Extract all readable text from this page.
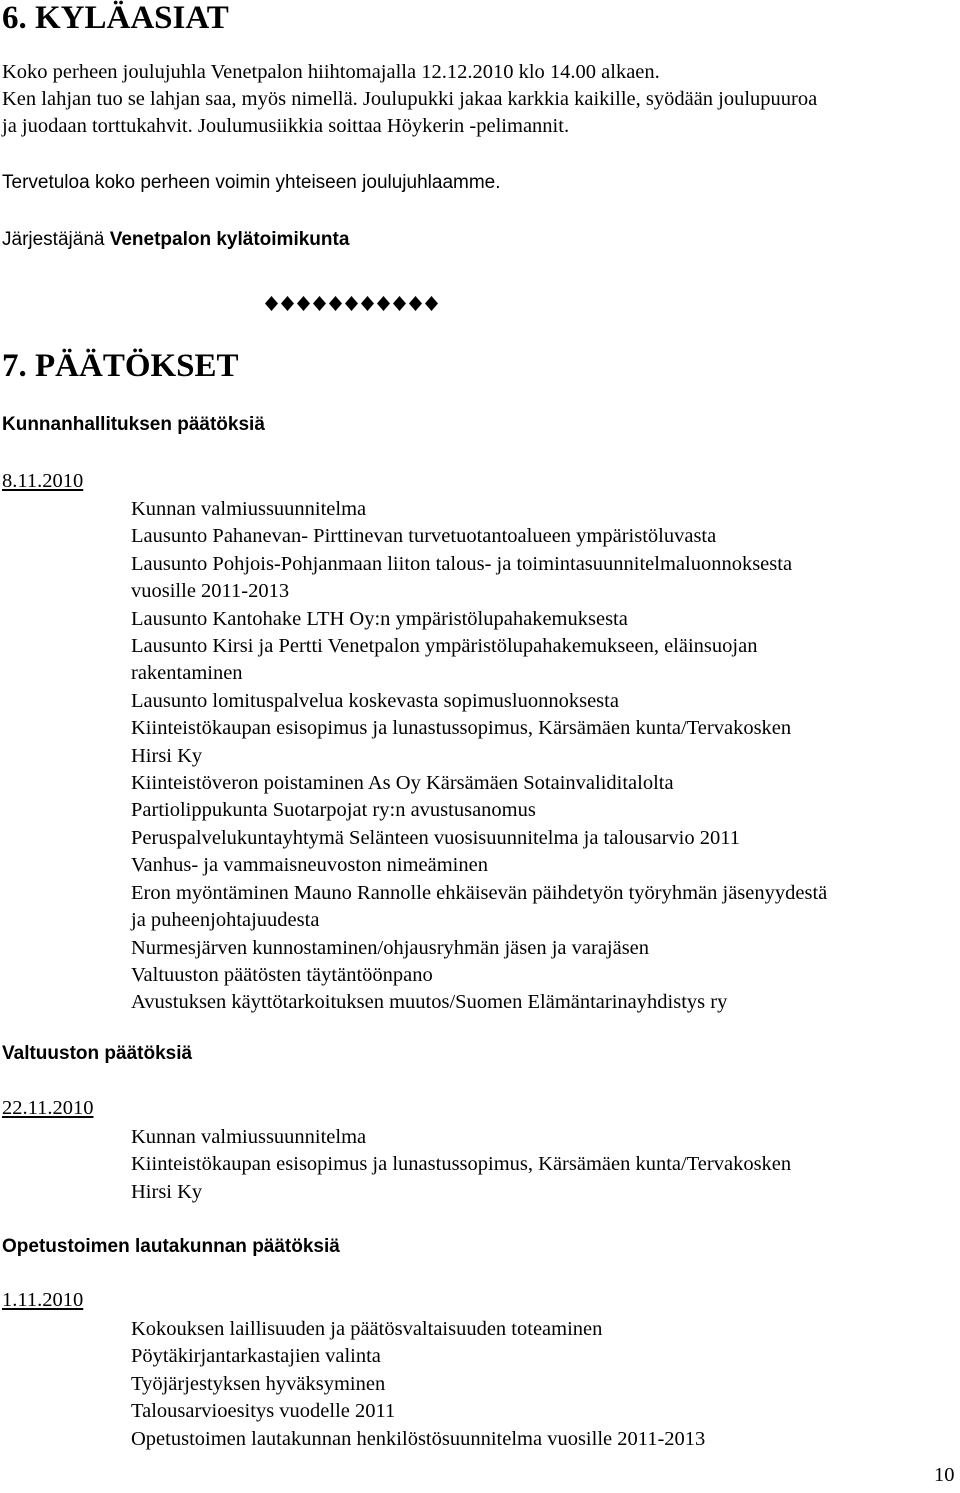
6. KYLÄASIAT
Koko perheen joulujuhla Venetpalon hiihtomajalla 12.12.2010 klo 14.00 alkaen.
Ken lahjan tuo se lahjan saa, myös nimellä. Joulupukki jakaa karkkia kaikille, syödään joulupuuroa
ja juodaan torttukahvit. Joulumusiikkia soittaa Höykerin -pelimannit.
Tervetuloa koko perheen voimin yhteiseen joulujuhlaamme.
Järjestäjänä Venetpalon kylätoimikunta
7. PÄÄTÖKSET
Kunnanhallituksen päätöksiä
8.11.2010
Kunnan valmiussuunnitelma
Lausunto Pahanevan- Pirttinevan turvetuotantoalueen ympäristöluvasta
Lausunto Pohjois-Pohjanmaan liiton talous- ja toimintasuunnitelmaluonnoksesta
vuosille 2011-2013
Lausunto Kantohake LTH Oy:n ympäristölupahakemuksesta
Lausunto Kirsi ja Pertti Venetpalon ympäristölupahakemukseen, eläinsuojan
rakentaminen
Lausunto lomituspalvelua koskevasta sopimusluonnoksesta
Kiinteistökaupan esisopimus ja lunastussopimus, Kärsämäen kunta/Tervakosken
Hirsi Ky
Kiinteistöveron poistaminen As Oy Kärsämäen Sotainvaliditalolta
Partiolippukunta Suotarpojat ry:n avustusanomus
Peruspalvelukuntayhtymä Selänteen vuosisuunnitelma ja talousarvio 2011
Vanhus- ja vammaisneuvoston nimeäminen
Eron myöntäminen Mauno Rannolle ehkäisevän päihdetyön työryhmän jäsenyydestä
ja puheenjohtajuudesta
Nurmesjärven kunnostaminen/ohjausryhmän jäsen ja varajäsen
Valtuuston päätösten täytäntöönpano
Avustuksen käyttötarkoituksen muutos/Suomen Elämäntarinayhdistys ry
Valtuuston päätöksiä
22.11.2010
Kunnan valmiussuunnitelma
Kiinteistökaupan esisopimus ja lunastussopimus, Kärsämäen kunta/Tervakosken
Hirsi Ky
Opetustoimen lautakunnan päätöksiä
1.11.2010
Kokouksen laillisuuden ja päätösvaltaisuuden toteaminen
Pöytäkirjantarkastajien valinta
Työjärjestyksen hyväksyminen
Talousarvioesitys vuodelle 2011
Opetustoimen lautakunnan henkilöstösuunnitelma vuosille 2011-2013
10
